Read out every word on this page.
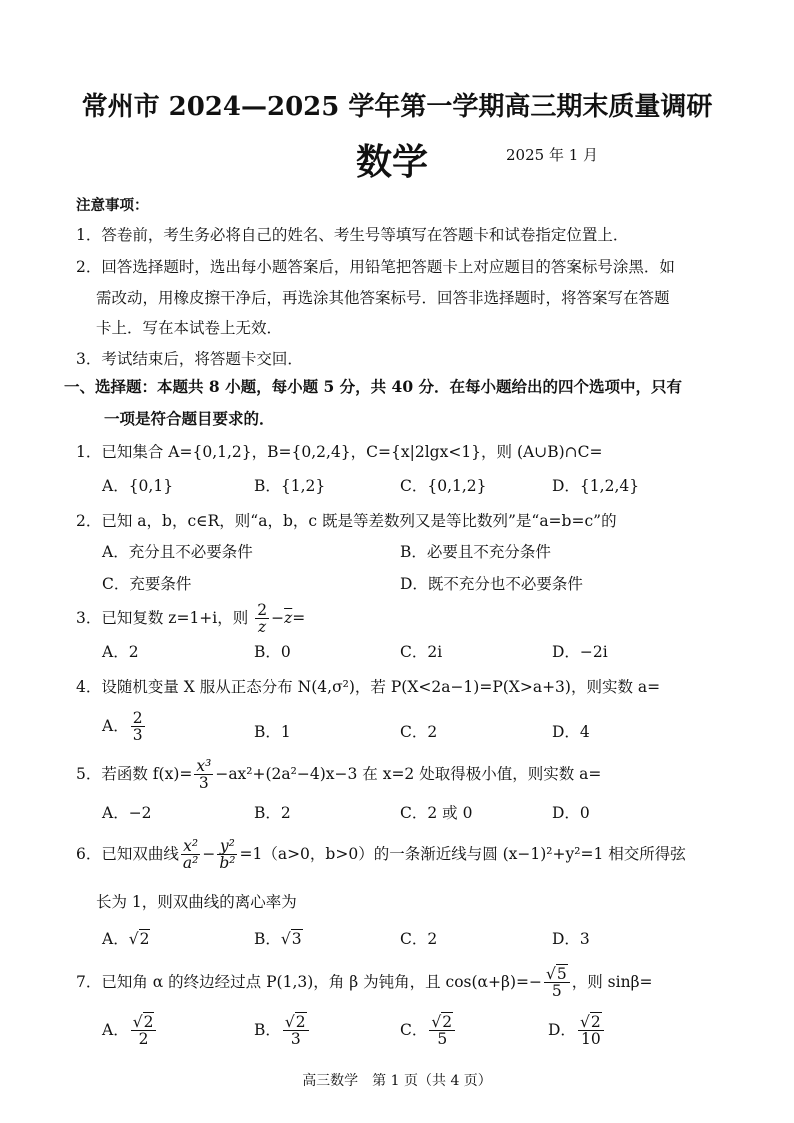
常州市 2024—2025 学年第一学期高三期末质量调研
数学	2025 年 1 月
注意事项：
1．答卷前，考生务必将自己的姓名、考生号等填写在答题卡和试卷指定位置上．
2．回答选择题时，选出每小题答案后，用铅笔把答题卡上对应题目的答案标号涂黑．如
需改动，用橡皮擦干净后，再选涂其他答案标号．回答非选择题时，将答案写在答题
卡上．写在本试卷上无效．
3．考试结束后，将答题卡交回．
一、选择题：本题共 8 小题，每小题 5 分，共 40 分．在每小题给出的四个选项中，只有
一项是符合题目要求的．
1．已知集合 A={0,1,2}，B={0,2,4}，C={x|2lgx<1}，则 (A∪B)∩C=
A．{0,1}	B．{1,2}	C．{0,1,2}	D．{1,2,4}
2．已知 a，b，c∈R，则“a，b，c 既是等差数列又是等比数列”是“a=b=c”的
A．充分且不必要条件	B．必要且不充分条件
C．充要条件	D．既不充分也不必要条件
3．已知复数 z=1+i，则 $\frac{2}{z} -\overline{z}=$
A．2	B．0	C．2i	D．−2i
4．设随机变量 X 服从正态分布 N(4,σ²)，若 P(X<2a−1)=P(X>a+3)，则实数 a=
A． $\frac{2}{3}$	B．1	C．2	D．4
5．若函数 $f(x)= \frac{\text{x³}}{3} -ax^2+(2a^2-4)x-3$ 在 x=2 处取得极小值，则实数 a=
A．−2	B．2	C．2 或 0	D．0
6．已知双曲线 $\frac{\text{x²}}{\text{a²}} - \frac{\text{y²}}{\text{b²}} =1(a>0$，b>0）的一条渐近线与圆 (x−1)²+y²=1 相交所得弦
长为 1，则双曲线的离心率为
A．√2	B．√3	C．2	D．3
7．已知角 α 的终边经过点 P(1,3)，角 β 为钝角，且 $\cos(\alpha+\beta)=- \frac{√5}{5}$ ，则 sinβ=
A． $\frac{√2}{2}$	B． $\frac{√2}{3}$	C． $\frac{√2}{5}$	D． $\frac{√2}{10}$
高三数学　第 1 页（共 4 页）
